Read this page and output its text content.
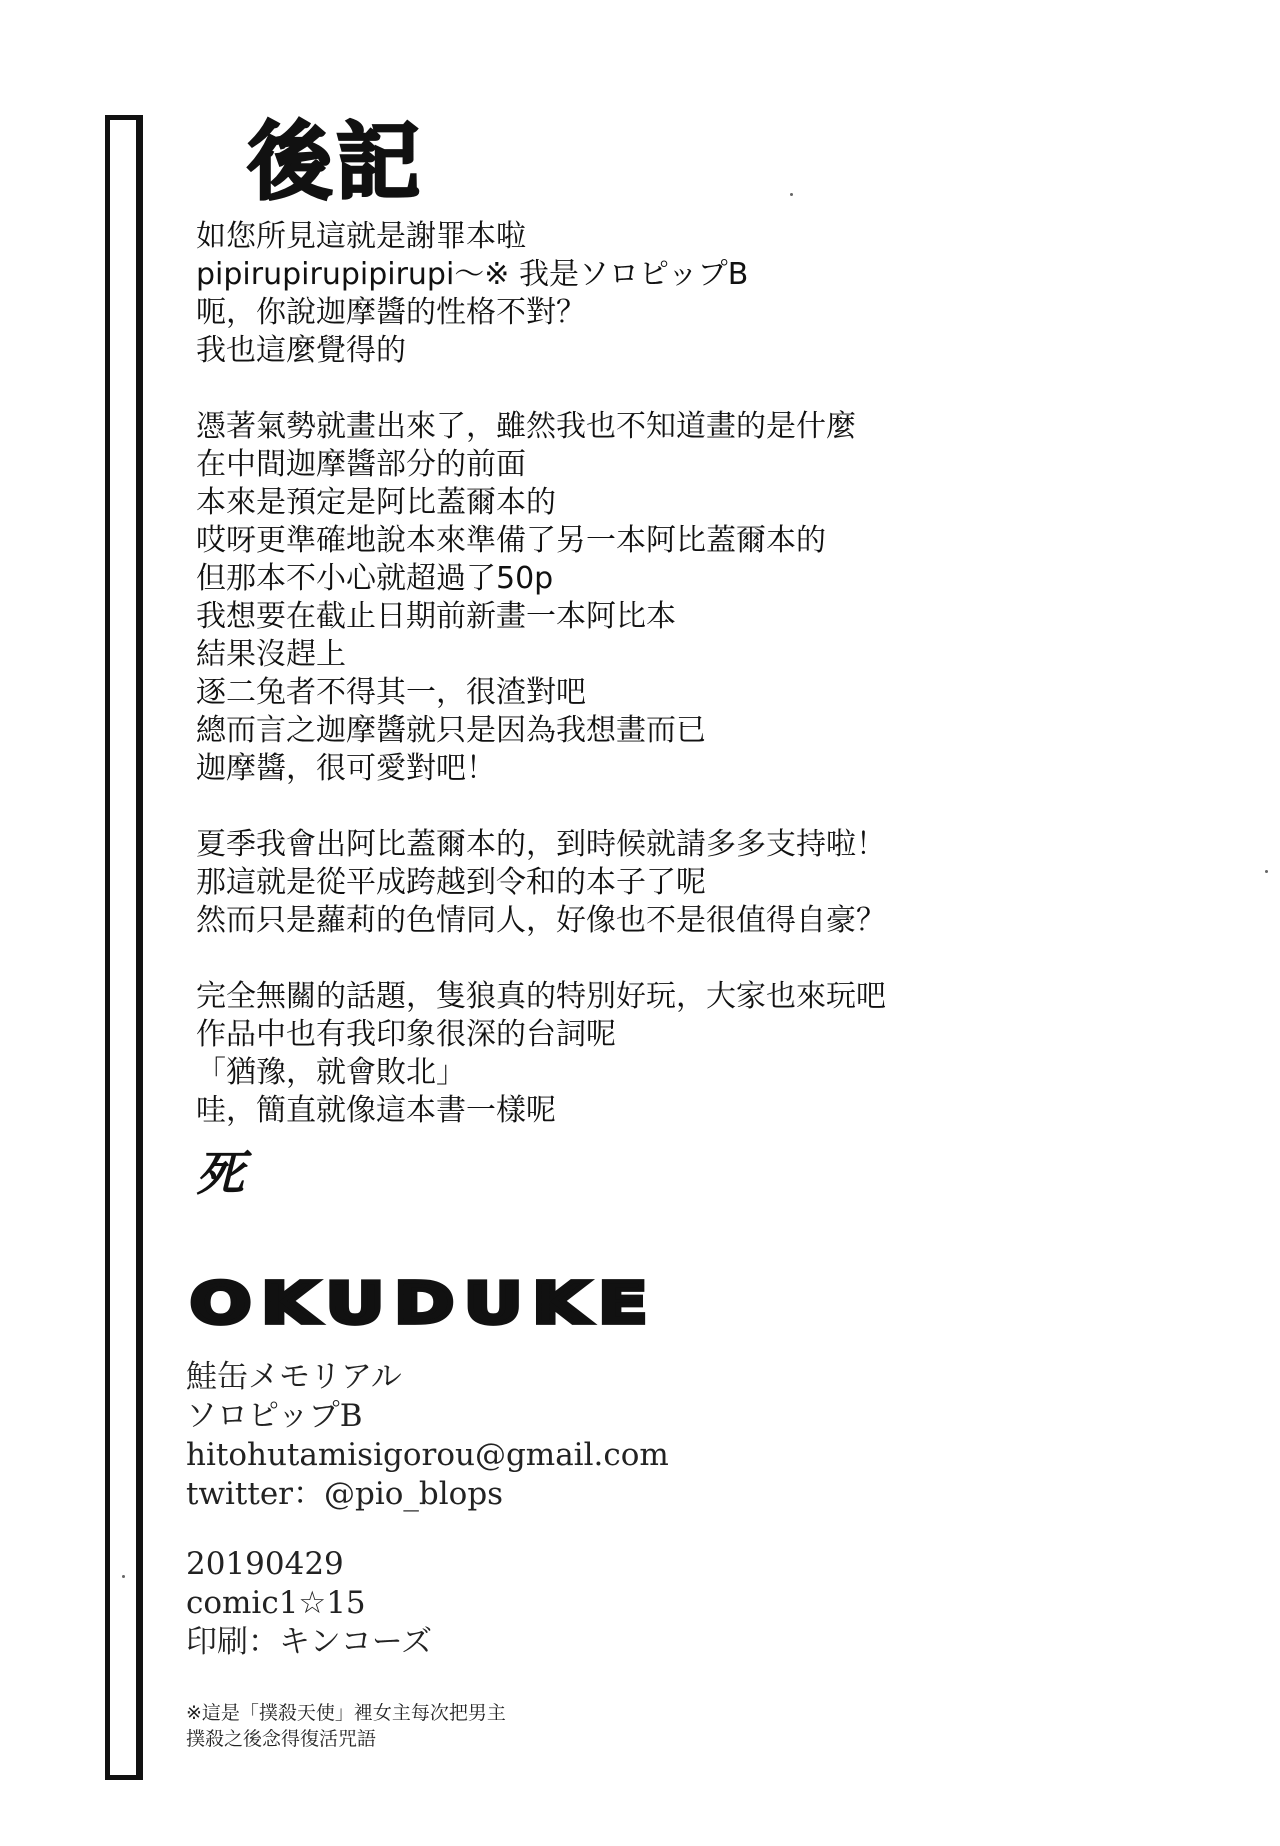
後記
如您所見這就是謝罪本啦
pipirupirupipirupi～※ 我是ソロピップB
呃，你說迦摩醬的性格不對？
我也這麼覺得的
憑著氣勢就畫出來了，雖然我也不知道畫的是什麼
在中間迦摩醬部分的前面
本來是預定是阿比蓋爾本的
哎呀更準確地說本來準備了另一本阿比蓋爾本的
但那本不小心就超過了50p
我想要在截止日期前新畫一本阿比本
結果沒趕上
逐二兔者不得其一，很渣對吧
總而言之迦摩醬就只是因為我想畫而已
迦摩醬，很可愛對吧！
夏季我會出阿比蓋爾本的，到時候就請多多支持啦！
那這就是從平成跨越到令和的本子了呢
然而只是蘿莉的色情同人，好像也不是很值得自豪？
完全無關的話題，隻狼真的特別好玩，大家也來玩吧
作品中也有我印象很深的台詞呢
「猶豫，就會敗北」
哇，簡直就像這本書一樣呢
死
OKUDUKE
鮭缶メモリアル
ソロピップB
hitohutamisigorou@gmail.com
twitter：@pio_blops
20190429
comic1☆15
印刷：キンコーズ
※這是「撲殺天使」裡女主每次把男主
撲殺之後念得復活咒語
